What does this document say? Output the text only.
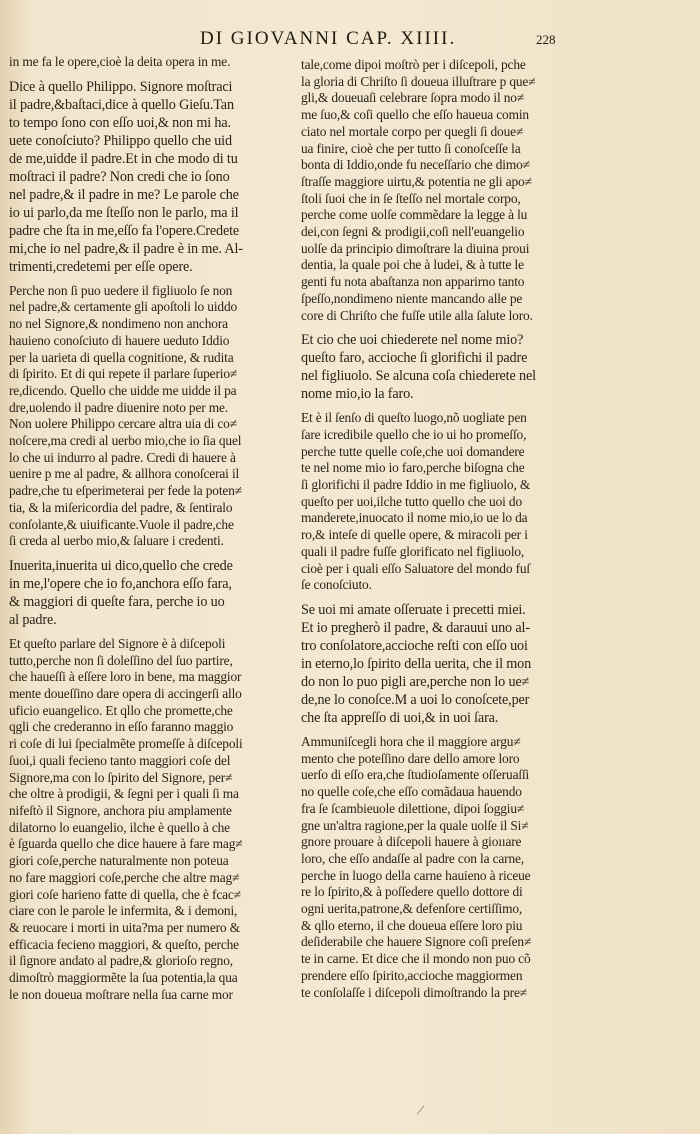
DI GIOVANNI CAP. XIIII.	228
in me fa le opere,cioè la deita opera in me.
Dice à quello Philippo. Signore moſtraci
il padre,&baſtaci,dice à quello Gieſu.Tan
to tempo ſono con eſſo uoi,& non mi ha.
uete conoſciuto? Philippo quello che uid
de me,uidde il padre.Et in che modo di tu
moſtraci il padre? Non credi che io ſono
nel padre,& il padre in me? Le parole che
io ui parlo,da me ſteſſo non le parlo, ma il
padre che ſta in me,eſſo fa l'opere.Credete
mi,che io nel padre,& il padre è in me. Al-
trimenti,credetemi per eſſe opere.
Perche non ſi puo uedere il figliuolo ſe non
nel padre,& certamente gli apoſtoli lo uiddo
no nel Signore,& nondimeno non anchora
hauieno conoſciuto di hauere ueduto Iddio
per la uarieta di quella cognitione, & rudita
di ſpirito. Et di qui repete il parlare ſuperio≠
re,dicendo. Quello che uidde me uidde il pa
dre,uolendo il padre diuenire noto per me.
Non uolere Philippo cercare altra uia di co≠
noſcere,ma credi al uerbo mio,che io ſia quel
lo che ui indurro al padre. Credi di hauere à
uenire p me al padre, & allhora conoſcerai il
padre,che tu eſperimeterai per fede la poten≠
tia, & la miſericordia del padre, & ſentiralo
conſolante,& uiuificante.Vuole il padre,che
ſi creda al uerbo mio,& ſaluare i credenti.
Inuerita,inuerita ui dico,quello che crede
in me,l'opere che io fo,anchora eſſo fara,
& maggiori di queſte fara, perche io uo
al padre.
Et queſto parlare del Signore è à diſcepoli
tutto,perche non ſi doleſſino del ſuo partire,
che haueſſi à eſſere loro in bene, ma maggior
mente doueſſino dare opera di accingerſi allo
uficio euangelico. Et qllo che promette,che
qgli che crederanno in eſſo faranno maggio
ri coſe di lui ſpecialmẽte promeſſe à diſcepoli
ſuoi,i quali fecieno tanto maggiori coſe del
Signore,ma con lo ſpirito del Signore, per≠
che oltre à prodigii, & ſegni per i quali ſi ma
nifeſtò il Signore, anchora piu amplamente
dilatorno lo euangelio, ilche è quello à che
è ſguarda quello che dice hauere à fare mag≠
giori coſe,perche naturalmente non poteua
no fare maggiori coſe,perche che altre mag≠
giori coſe harieno fatte di quella, che è fcac≠
ciare con le parole le infermita, & i demoni,
& reuocare i morti in uita?ma per numero &
efficacia fecieno maggiori, & queſto, perche
il ſignore andato al padre,& glorioſo regno,
dimoſtrò maggiormẽte la ſua potentia,la qua
le non doueua moſtrare nella ſua carne mor
tale,come dipoi moſtrò per i diſcepoli, pche
la gloria di Chriſto ſi doueua illuſtrare p que≠
gli,& doueuaſi celebrare ſopra modo il no≠
me ſuo,& coſi quello che eſſo haueua comin
ciato nel mortale corpo per quegli ſi doue≠
ua finire, cioè che per tutto ſi conoſceſſe la
bonta di Iddio,onde fu neceſſario che dimo≠
ſtraſſe maggiore uirtu,& potentia ne gli apo≠
ſtoli ſuoi che in ſe ſteſſo nel mortale corpo,
perche come uolſe commẽdare la legge à lu
dei,con ſegni & prodigii,coſi nell'euangelio
uolſe da principio dimoſtrare la diuina proui
dentia, la quale poi che à ludei, & à tutte le
genti fu nota abaſtanza non apparirno tanto
ſpeſſo,nondimeno niente mancando alle pe
core di Chriſto che fuſſe utile alla ſalute loro.
Et cio che uoi chiederete nel nome mio?
queſto faro, accioche ſi glorifichi il padre
nel figliuolo. Se alcuna coſa chiederete nel
nome mio,io la faro.
Et è il ſenſo di queſto luogo,nõ uogliate pen
ſare icredibile quello che io ui ho promeſſo,
perche tutte quelle coſe,che uoi domandere
te nel nome mio io faro,perche biſogna che
ſi glorifichi il padre Iddio in me figliuolo, &
queſto per uoi,ilche tutto quello che uoi do
manderete,inuocato il nome mio,io ue lo da
ro,& inteſe di quelle opere, & miracoli per i
quali il padre fuſſe glorificato nel figliuolo,
cioè per i quali eſſo Saluatore del mondo fuſ
ſe conoſciuto.
Se uoi mi amate oſſeruate i precetti miei.
Et io pregherò il padre, & darauui uno al-
tro conſolatore,accioche reſti con eſſo uoi
in eterno,lo ſpirito della uerita, che il mon
do non lo puo pigli are,perche non lo ue≠
de,ne lo conoſce.M a uoi lo conoſcete,per
che ſta appreſſo di uoi,& in uoi ſara.
Ammuniſcegli hora che il maggiore argu≠
mento che poteſſino dare dello amore loro
uerſo di eſſo era,che ſtudioſamente oſſeruaſſi
no quelle coſe,che eſſo comãdaua hauendo
fra ſe ſcambieuole dilettione, dipoi ſoggiu≠
gne un'altra ragione,per la quale uolſe il Si≠
gnore prouare à diſcepoli hauere à gioııare
loro, che eſſo andaſſe al padre con la carne,
perche in luogo della carne hauieno à riceue
re lo ſpirito,& à poſſedere quello dottore di
ogni uerita,patrone,& defenſore certiſſimo,
& qllo eterno, il che doueua eſſere loro piu
deſiderabile che hauere Signore coſi preſen≠
te in carne. Et dice che il mondo non puo cõ
prendere eſſo ſpirito,accioche maggiormen
te conſolaſſe i diſcepoli dimoſtrando la pre≠
/
